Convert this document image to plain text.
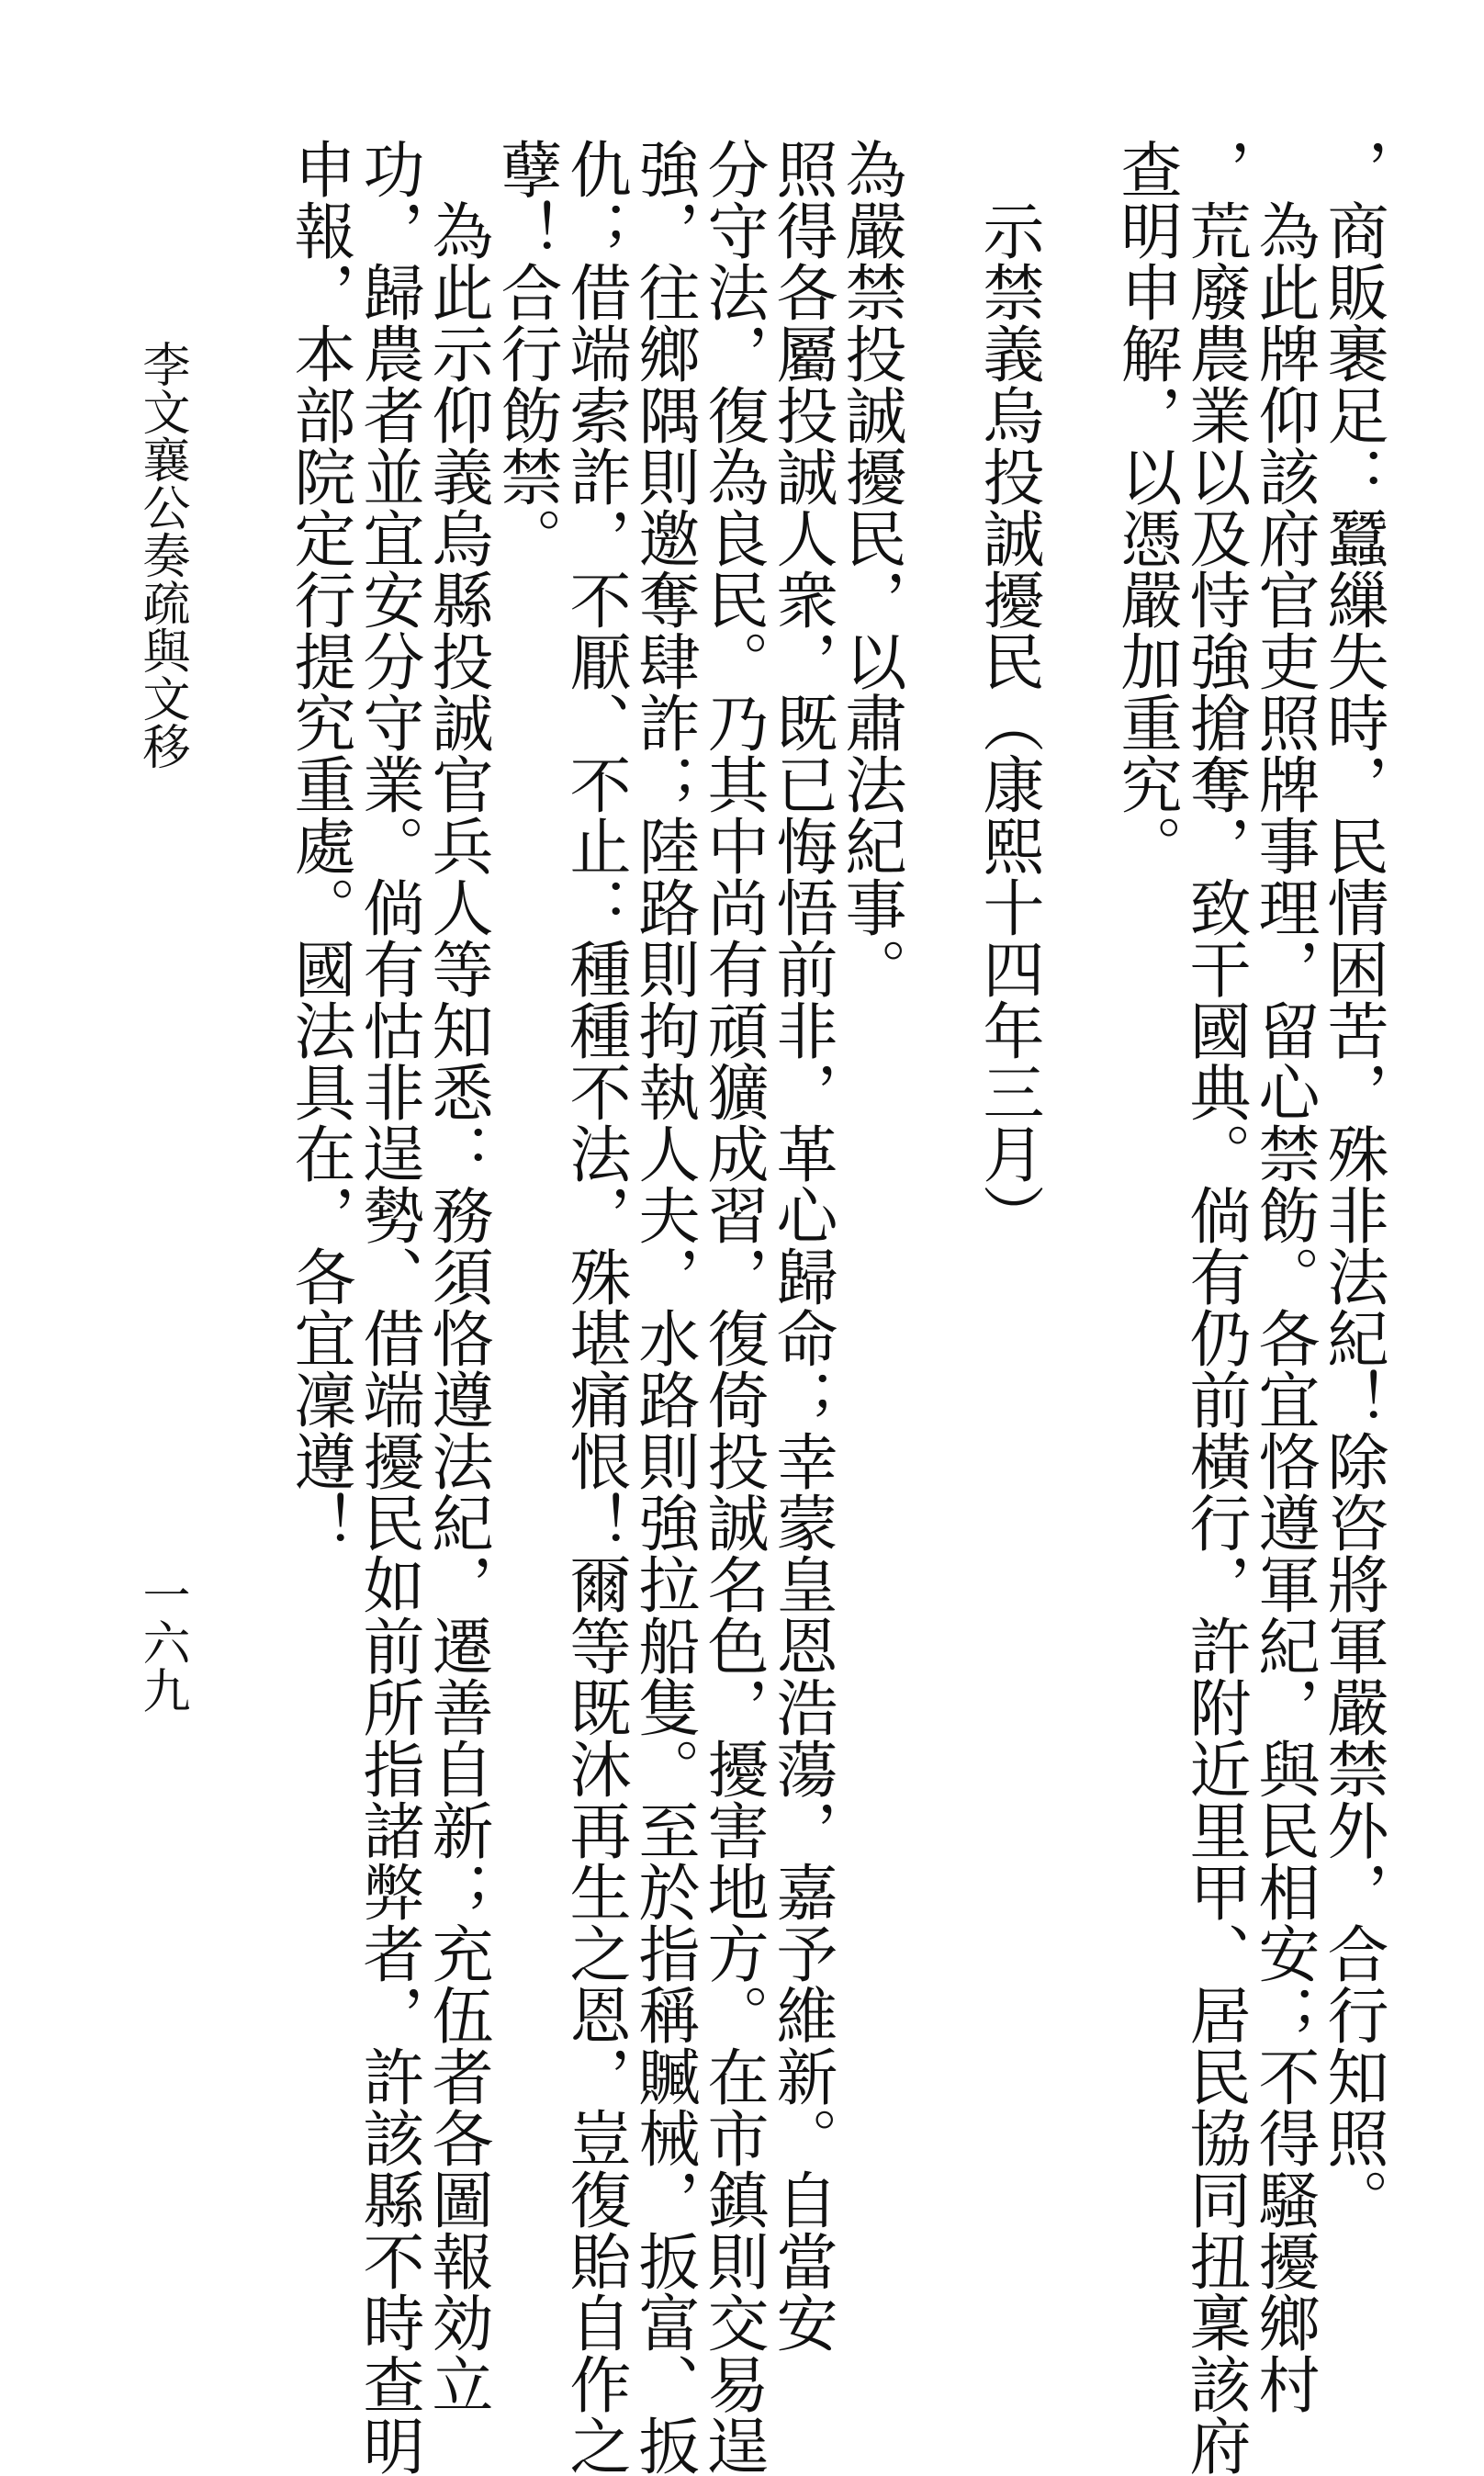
，商販裹足：蠶繅失時，民情困苦，殊非法紀！除咨將軍嚴禁外，合行知照。
　為此牌仰該府官吏照牌事理，留心禁飭。各宜恪遵軍紀，與民相安；不得騷擾鄉村
，荒廢農業以及恃強搶奪，致干國典。倘有仍前橫行，許附近里甲、居民協同扭稟該府
查明申解，以憑嚴加重究。
　示禁義烏投誠擾民（康熙十四年三月）
為嚴禁投誠擾民，以肅法紀事。
照得各屬投誠人衆，既已悔悟前非，革心歸命；幸蒙皇恩浩蕩，嘉予維新。自當安
分守法，復為良民。乃其中尚有頑獷成習，復倚投誠名色，擾害地方。在市鎮則交易逞
強，往鄉隅則邀奪肆詐；陸路則拘執人夫，水路則強拉船隻。至於指稱贓械，扳富、扳
仇；借端索詐，不厭、不止：種種不法，殊堪痛恨！爾等既沐再生之恩，豈復貽自作之
孽！合行飭禁。
　為此示仰義烏縣投誠官兵人等知悉：務須恪遵法紀，遷善自新；充伍者各圖報効立
功，歸農者並宜安分守業。倘有怙非逞勢、借端擾民如前所指諸弊者，許該縣不時查明
申報，本部院定行提究重處。國法具在，各宜凜遵！
一六九
李文襄公奏疏與文移
